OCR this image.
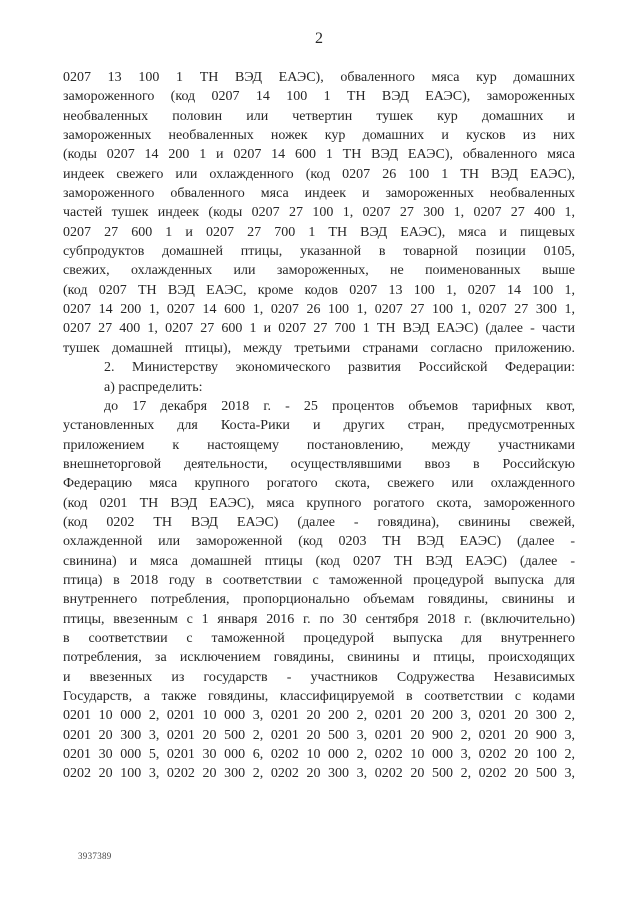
2
0207 13 100 1 ТН ВЭД ЕАЭС), обваленного мяса кур домашних
замороженного (код 0207 14 100 1 ТН ВЭД ЕАЭС), замороженных
необваленных половин или четвертин тушек кур домашних и
замороженных необваленных ножек кур домашних и кусков из них
(коды 0207 14 200 1 и 0207 14 600 1 ТН ВЭД ЕАЭС), обваленного мяса
индеек свежего или охлажденного (код 0207 26 100 1 ТН ВЭД ЕАЭС),
замороженного обваленного мяса индеек и замороженных необваленных
частей тушек индеек (коды 0207 27 100 1, 0207 27 300 1, 0207 27 400 1,
0207 27 600 1 и 0207 27 700 1 ТН ВЭД ЕАЭС), мяса и пищевых
субпродуктов домашней птицы, указанной в товарной позиции 0105,
свежих, охлажденных или замороженных, не поименованных выше
(код 0207 ТН ВЭД ЕАЭС, кроме кодов 0207 13 100 1, 0207 14 100 1,
0207 14 200 1, 0207 14 600 1, 0207 26 100 1, 0207 27 100 1, 0207 27 300 1,
0207 27 400 1, 0207 27 600 1 и 0207 27 700 1 ТН ВЭД ЕАЭС) (далее - части
тушек домашней птицы), между третьими странами согласно приложению.
2. Министерству экономического развития Российской Федерации:
а) распределить:
до 17 декабря 2018 г. - 25 процентов объемов тарифных квот,
установленных для Коста-Рики и других стран, предусмотренных
приложением к настоящему постановлению, между участниками
внешнеторговой деятельности, осуществлявшими ввоз в Российскую
Федерацию мяса крупного рогатого скота, свежего или охлажденного
(код 0201 ТН ВЭД ЕАЭС), мяса крупного рогатого скота, замороженного
(код 0202 ТН ВЭД ЕАЭС) (далее - говядина), свинины свежей,
охлажденной или замороженной (код 0203 ТН ВЭД ЕАЭС) (далее -
свинина) и мяса домашней птицы (код 0207 ТН ВЭД ЕАЭС) (далее -
птица) в 2018 году в соответствии с таможенной процедурой выпуска для
внутреннего потребления, пропорционально объемам говядины, свинины и
птицы, ввезенным с 1 января 2016 г. по 30 сентября 2018 г. (включительно)
в соответствии с таможенной процедурой выпуска для внутреннего
потребления, за исключением говядины, свинины и птицы, происходящих
и ввезенных из государств - участников Содружества Независимых
Государств, а также говядины, классифицируемой в соответствии с кодами
0201 10 000 2, 0201 10 000 3, 0201 20 200 2, 0201 20 200 3, 0201 20 300 2,
0201 20 300 3, 0201 20 500 2, 0201 20 500 3, 0201 20 900 2, 0201 20 900 3,
0201 30 000 5, 0201 30 000 6, 0202 10 000 2, 0202 10 000 3, 0202 20 100 2,
0202 20 100 3, 0202 20 300 2, 0202 20 300 3, 0202 20 500 2, 0202 20 500 3,
3937389
